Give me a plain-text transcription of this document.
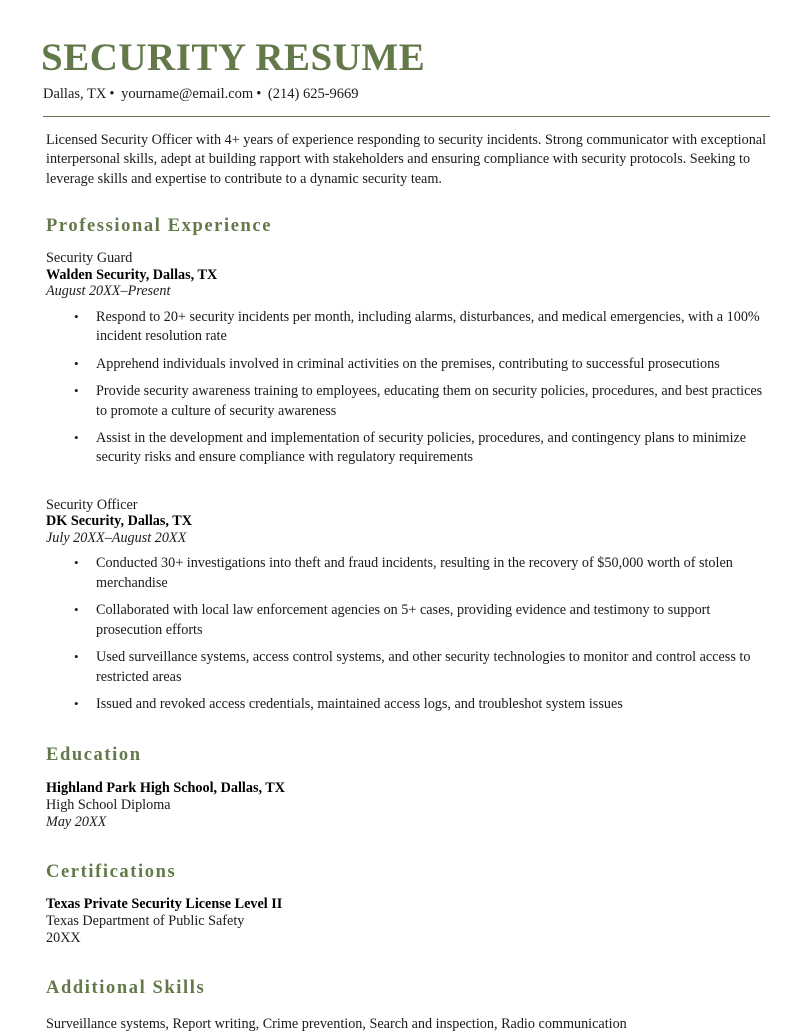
SECURITY RESUME
Dallas, TX • yourname@email.com • (214) 625-9669

Licensed Security Officer with 4+ years of experience responding to security incidents. Strong communicator with exceptional interpersonal skills, adept at building rapport with stakeholders and ensuring compliance with security protocols. Seeking to leverage skills and expertise to contribute to a dynamic security team.

Professional Experience
Security Guard
Walden Security, Dallas, TX
August 20XX–Present
• Respond to 20+ security incidents per month, including alarms, disturbances, and medical emergencies, with a 100% incident resolution rate
• Apprehend individuals involved in criminal activities on the premises, contributing to successful prosecutions
• Provide security awareness training to employees, educating them on security policies, procedures, and best practices to promote a culture of security awareness
• Assist in the development and implementation of security policies, procedures, and contingency plans to minimize security risks and ensure compliance with regulatory requirements
Security Officer
DK Security, Dallas, TX
July 20XX–August 20XX
• Conducted 30+ investigations into theft and fraud incidents, resulting in the recovery of $50,000 worth of stolen merchandise
• Collaborated with local law enforcement agencies on 5+ cases, providing evidence and testimony to support prosecution efforts
• Used surveillance systems, access control systems, and other security technologies to monitor and control access to restricted areas
• Issued and revoked access credentials, maintained access logs, and troubleshot system issues
Education
Highland Park High School, Dallas, TX
High School Diploma
May 20XX
Certifications
Texas Private Security License Level II
Texas Department of Public Safety
20XX
Additional Skills

Surveillance systems, Report writing, Crime prevention, Search and inspection, Radio communication
